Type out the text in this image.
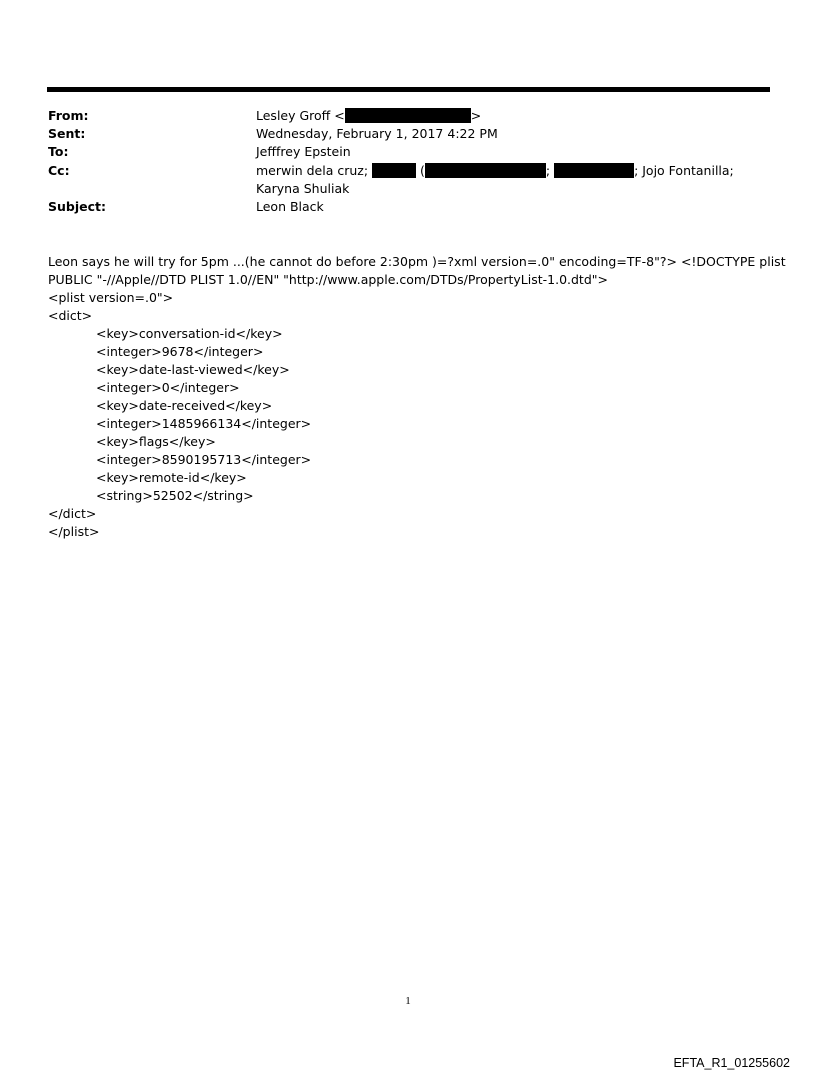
From:	Lesley Groff <	>
Sent:	Wednesday, February 1, 2017 4:22 PM
To:	Jefffrey Epstein
Cc:	merwin dela cruz;	(	;	; Jojo Fontanilla; Karyna Shuliak
Subject:	Leon Black
Leon says he will try for 5pm ...(he cannot do before 2:30pm )=?xml version=.0" encoding=TF-8"?> <!DOCTYPE plist
PUBLIC "-//Apple//DTD PLIST 1.0//EN" "http://www.apple.com/DTDs/PropertyList-1.0.dtd">
<plist version=.0">
<dict>
<key>conversation-id</key>
<integer>9678</integer>
<key>date-last-viewed</key>
<integer>0</integer>
<key>date-received</key>
<integer>1485966134</integer>
<key>flags</key>
<integer>8590195713</integer>
<key>remote-id</key>
<string>52502</string>
</dict>
</plist>
1
EFTA_R1_01255602
